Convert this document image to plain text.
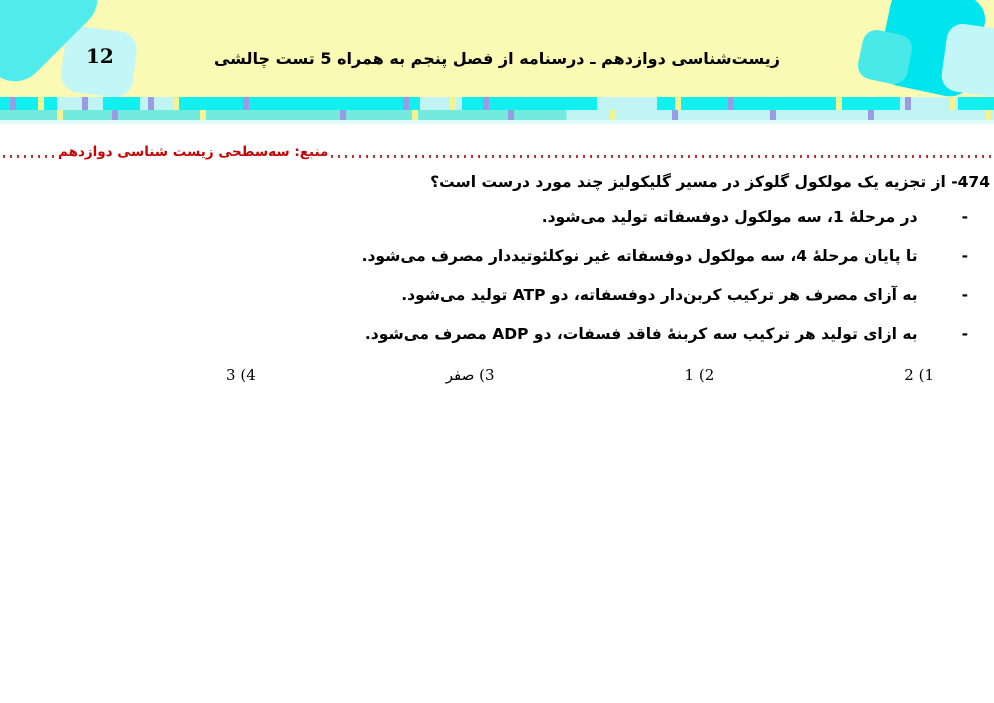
12	زیست‌شناسی دوازدهم ـ درسنامه از فصل پنجم به همراه 5 تست چالشی
منبع: سه‌سطحی زیست شناسی دوازدهم
474- از تجزیه یک مولکول گلوکز در مسیر گلیکولیز چند مورد درست است؟
-
در مرحلهٔ 1، سه مولکول دوفسفاته تولید می‌شود.
-
تا پایان مرحلهٔ 4، سه مولکول دوفسفاته غیر نوکلئوتیددار مصرف می‌شود.
-
به آزای مصرف هر ترکیب کربن‌دار دوفسفاته، دو ATP تولید می‌شود.
-
به ازای تولید هر ترکیب سه کربنهٔ فاقد فسفات، دو ADP مصرف می‌شود.
1) 2
2) 1
3) صفر
4) 3
